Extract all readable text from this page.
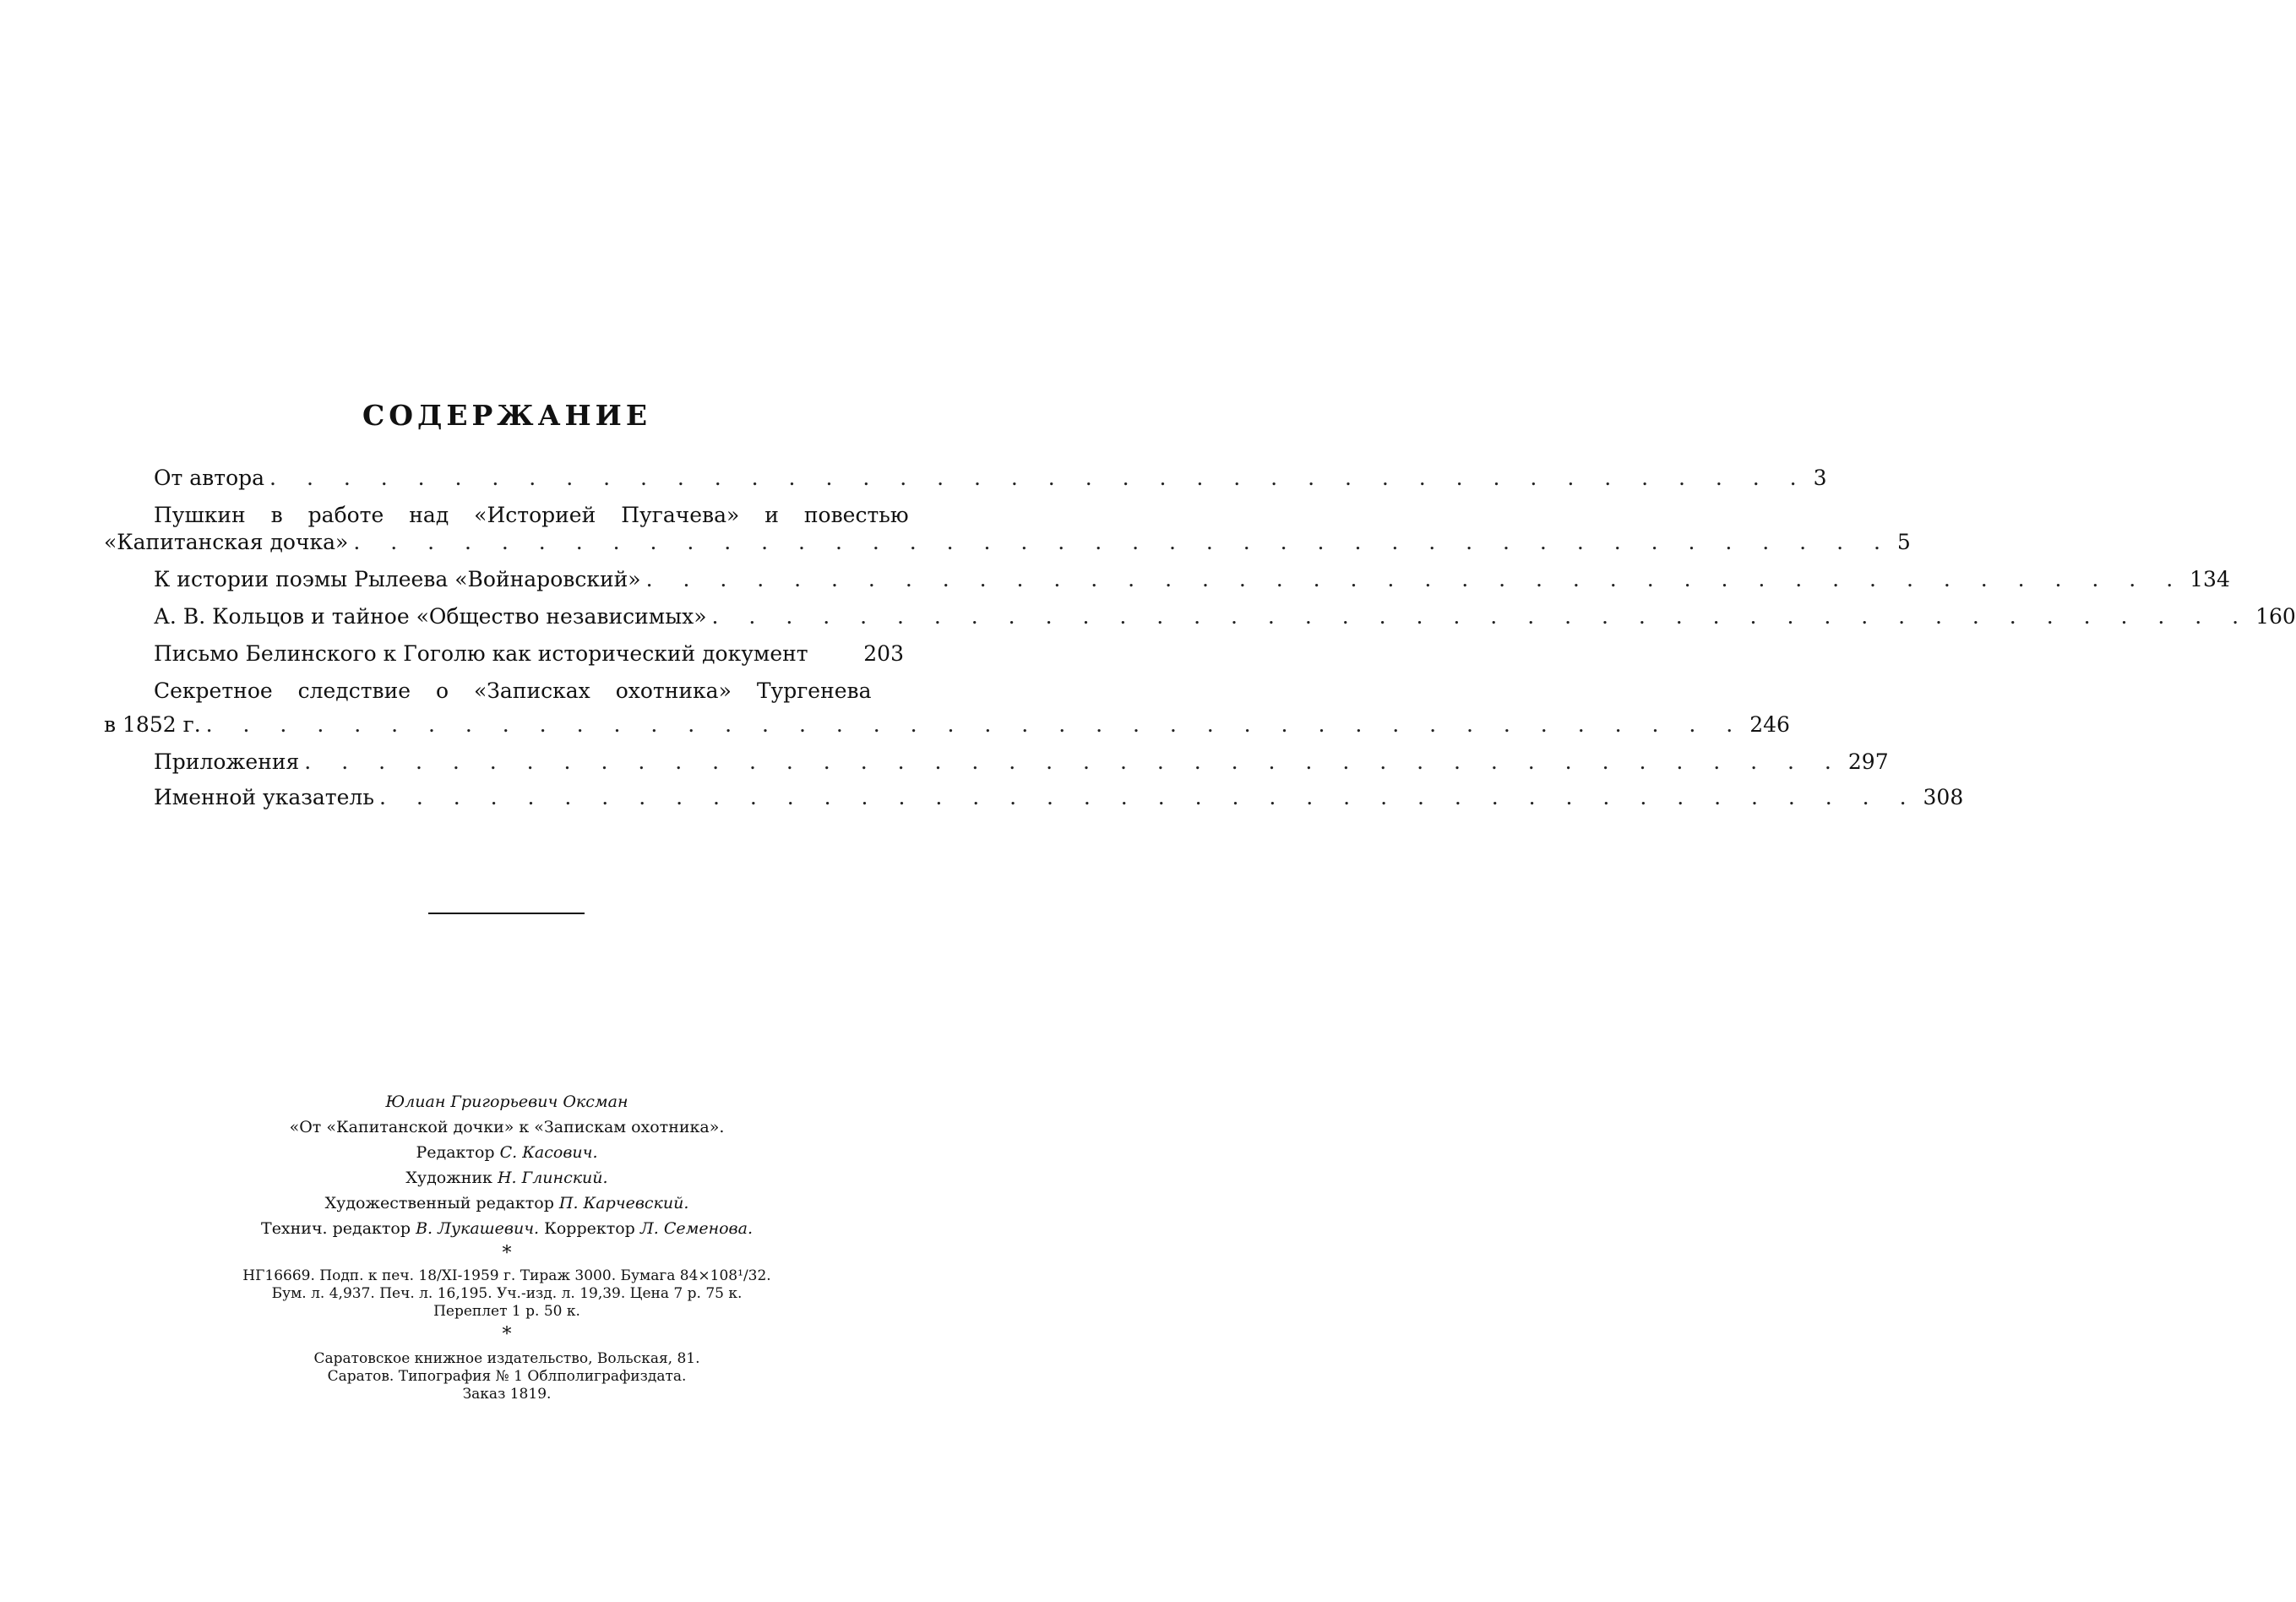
СОДЕРЖАНИЕ
От автора . . . . . . . . . . . . . . . . . . . . . . . . . . . . . . . . . . . . . . . . . . 3
Пушкин в работе над «Историей Пугачева» и повестью
«Капитанская дочка» . . . . . . . . . . . . . . . . . . . . . . . . . . . . . . . . . . . . . . . . . . 5
К истории поэмы Рылеева «Войнаровский» . . . . . . . . . . . . . . . . . . . . . . . . . . . . . . . . . . . . . . . . . . 134
А. В. Кольцов и тайное «Общество независимых» . . . . . . . . . . . . . . . . . . . . . . . . . . . . . . . . . . . . . . . . . . 160
Письмо Белинского к Гоголю как исторический документ	203
Секретное следствие о «Записках охотника» Тургенева
в 1852 г. . . . . . . . . . . . . . . . . . . . . . . . . . . . . . . . . . . . . . . . . . . 246
Приложения . . . . . . . . . . . . . . . . . . . . . . . . . . . . . . . . . . . . . . . . . . 297
Именной указатель . . . . . . . . . . . . . . . . . . . . . . . . . . . . . . . . . . . . . . . . . . 308
Юлиан Григорьевич Оксман
«От «Капитанской дочки» к «Запискам охотника».
Редактор С. Касович.
Художник Н. Глинский.
Художественный редактор П. Карчевский.
Технич. редактор В. Лукашевич. Корректор Л. Семенова.
*
НГ16669. Подп. к печ. 18/XI-1959 г. Тираж 3000. Бумага 84×108¹/32.
Бум. л. 4,937. Печ. л. 16,195. Уч.-изд. л. 19,39. Цена 7 р. 75 к.
Переплет 1 р. 50 к.
*
Саратовское книжное издательство, Вольская, 81.
Саратов. Типография № 1 Облполиграфиздата.
Заказ 1819.
